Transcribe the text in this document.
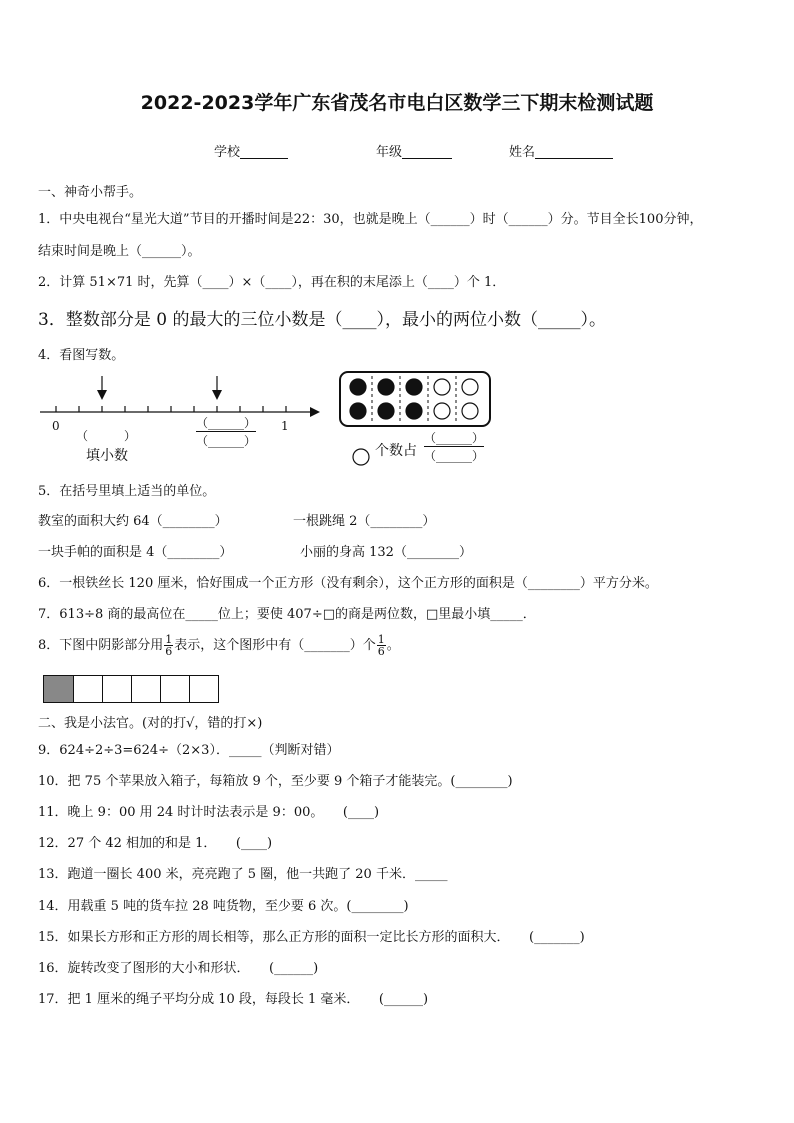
2022-2023学年广东省茂名市电白区数学三下期末检测试题
学校	年级	姓名
一、神奇小帮手。
1．中央电视台“星光大道”节目的开播时间是22：30，也就是晚上（______）时（______）分。节目全长100分钟，
结束时间是晚上（______）。
2．计算 51×71 时，先算（____）×（____），再在积的末尾添上（____）个 1．
3．整数部分是 0 的最大的三位小数是（____），最小的两位小数（_____）。
4．看图写数。
0	1
（	）
填小数
（______）
（______）
个数占
（______）
（______）
5．在括号里填上适当的单位。
教室的面积大约 64（________）	一根跳绳 2（________）
一块手帕的面积是 4（________）	小丽的身高 132（________）
6．一根铁丝长 120 厘米，恰好围成一个正方形（没有剩余），这个正方形的面积是（________）平方分米。
7．613÷8 商的最高位在_____位上；要使 407÷□的商是两位数，□里最小填_____．
8．下图中阴影部分用 $\frac{1}{6}$ 表示，这个图形中有（_______）个 $\frac{1}{6}$ 。
二、我是小法官。(对的打√，错的打×)
9．624÷2÷3=624÷（2×3）．_____（判断对错）
10．把 75 个苹果放入箱子，每箱放 9 个，至少要 9 个箱子才能装完。(________)
11．晚上 9：00 用 24 时计时法表示是 9：00。　　(____)
12．27 个 42 相加的和是 1．　　(____)
13．跑道一圈长 400 米，亮亮跑了 5 圈，他一共跑了 20 千米．_____
14．用载重 5 吨的货车拉 28 吨货物，至少要 6 次。(________)
15．如果长方形和正方形的周长相等，那么正方形的面积一定比长方形的面积大．　　(_______)
16．旋转改变了图形的大小和形状．　　(______)
17．把 1 厘米的绳子平均分成 10 段，每段长 1 毫米．　　(______)
